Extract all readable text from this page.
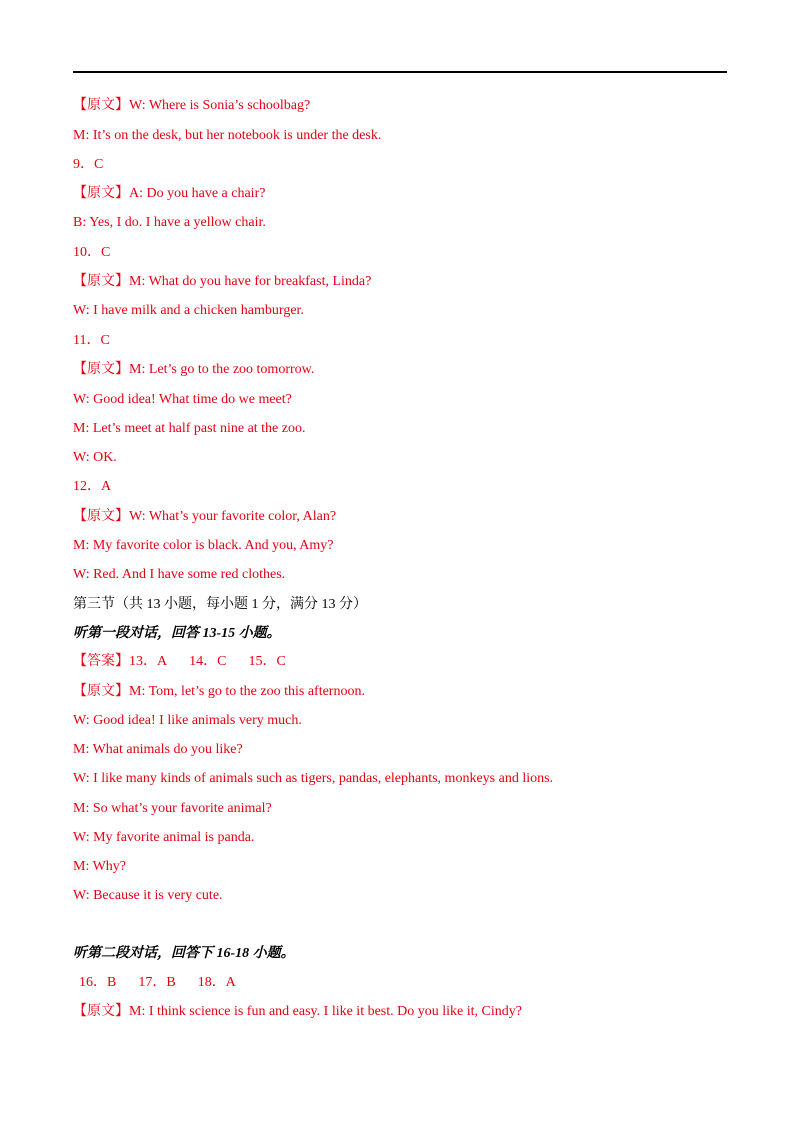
【原文】W: Where is Sonia’s schoolbag?
M: It’s on the desk, but her notebook is under the desk.
9．C
【原文】A: Do you have a chair?
B: Yes, I do. I have a yellow chair.
10．C
【原文】M: What do you have for breakfast, Linda?
W: I have milk and a chicken hamburger.
11．C
【原文】M: Let’s go to the zoo tomorrow.
W: Good idea! What time do we meet?
M: Let’s meet at half past nine at the zoo.
W: OK.
12．A
【原文】W: What’s your favorite color, Alan?
M: My favorite color is black. And you, Amy?
W: Red. And I have some red clothes.
第三节（共 13 小题，每小题 1 分，满分 13 分）
听第一段对话，回答 13-15 小题。
【答案】13．A 14．C 15．C
【原文】M: Tom, let’s go to the zoo this afternoon.
W: Good idea! I like animals very much.
M: What animals do you like?
W: I like many kinds of animals such as tigers, pandas, elephants, monkeys and lions.
M: So what’s your favorite animal?
W: My favorite animal is panda.
M: Why?
W: Because it is very cute.
听第二段对话，回答下 16-18 小题。
16．B 17．B 18．A
【原文】M: I think science is fun and easy. I like it best. Do you like it, Cindy?
